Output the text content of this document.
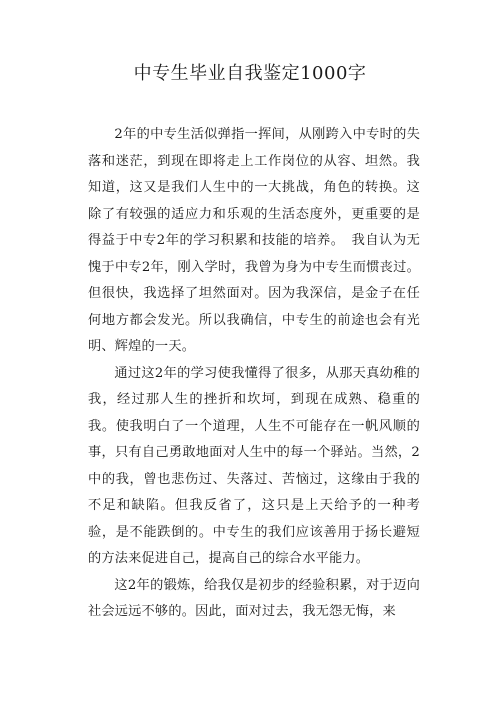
中专生毕业自我鉴定1000字

2年的中专生活似弹指一挥间，从刚跨入中专时的失落和迷茫，到现在即将走上工作岗位的从容、坦然。我知道，这又是我们人生中的一大挑战，角色的转换。这除了有较强的适应力和乐观的生活态度外，更重要的是得益于中专2年的学习积累和技能的培养。　我自认为无愧于中专2年，刚入学时，我曾为身为中专生而惯丧过。但很快，我选择了坦然面对。因为我深信，是金子在任何地方都会发光。所以我确信，中专生的前途也会有光明、辉煌的一天。

通过这2年的学习使我懂得了很多，从那天真幼稚的我，经过那人生的挫折和坎坷，到现在成熟、稳重的我。使我明白了一个道理，人生不可能存在一帆风顺的事，只有自己勇敢地面对人生中的每一个驿站。当然，2中的我，曾也悲伤过、失落过、苦恼过，这缘由于我的不足和缺陷。但我反省了，这只是上天给予的一种考验，是不能跌倒的。中专生的我们应该善用于扬长避短的方法来促进自己，提高自己的综合水平能力。

这2年的锻炼，给我仅是初步的经验积累，对于迈向社会远远不够的。因此，面对过去，我无怨无悔，来
